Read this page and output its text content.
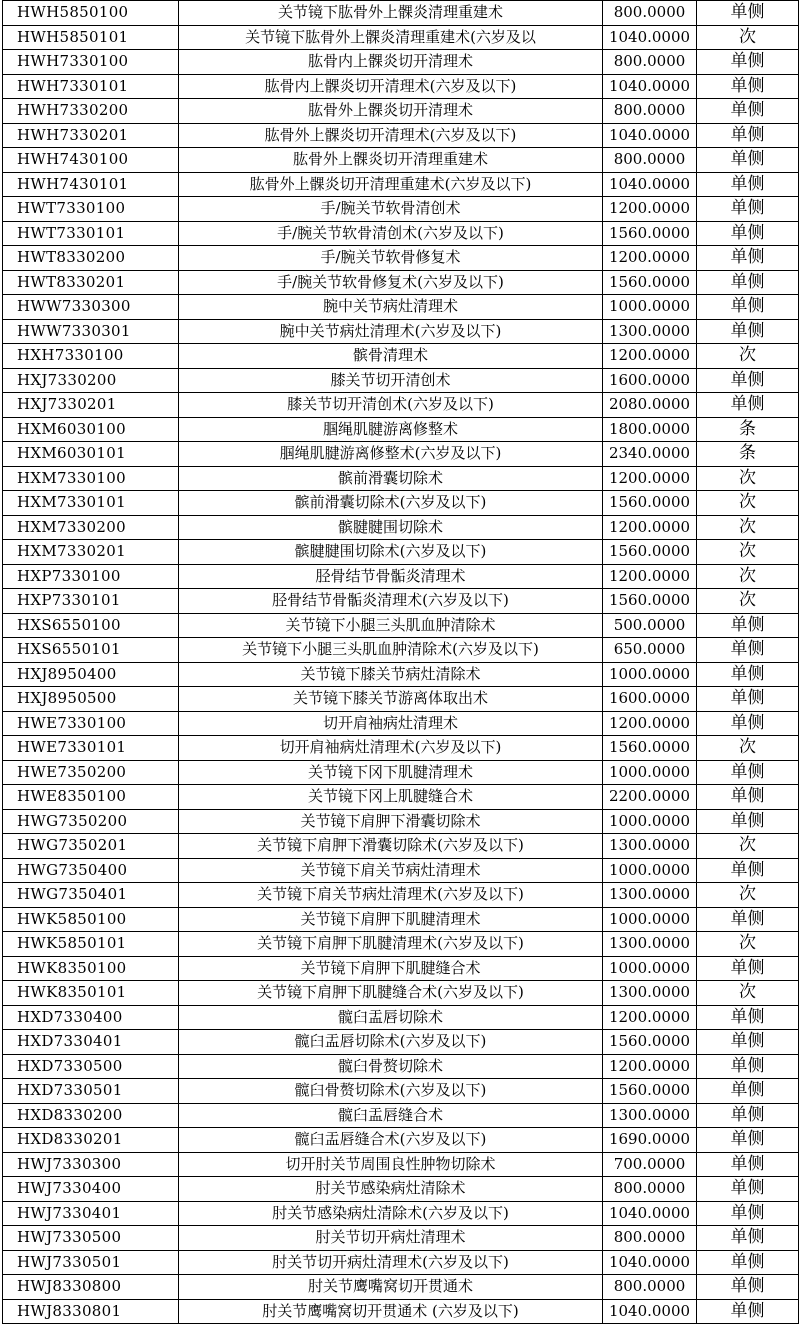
HWH5850100	关节镜下肱骨外上髁炎清理重建术	800.0000	单侧
HWH5850101	关节镜下肱骨外上髁炎清理重建术(六岁及以	1040.0000	次
HWH7330100	肱骨内上髁炎切开清理术	800.0000	单侧
HWH7330101	肱骨内上髁炎切开清理术(六岁及以下)	1040.0000	单侧
HWH7330200	肱骨外上髁炎切开清理术	800.0000	单侧
HWH7330201	肱骨外上髁炎切开清理术(六岁及以下)	1040.0000	单侧
HWH7430100	肱骨外上髁炎切开清理重建术	800.0000	单侧
HWH7430101	肱骨外上髁炎切开清理重建术(六岁及以下)	1040.0000	单侧
HWT7330100	手/腕关节软骨清创术	1200.0000	单侧
HWT7330101	手/腕关节软骨清创术(六岁及以下)	1560.0000	单侧
HWT8330200	手/腕关节软骨修复术	1200.0000	单侧
HWT8330201	手/腕关节软骨修复术(六岁及以下)	1560.0000	单侧
HWW7330300	腕中关节病灶清理术	1000.0000	单侧
HWW7330301	腕中关节病灶清理术(六岁及以下)	1300.0000	单侧
HXH7330100	髌骨清理术	1200.0000	次
HXJ7330200	膝关节切开清创术	1600.0000	单侧
HXJ7330201	膝关节切开清创术(六岁及以下)	2080.0000	单侧
HXM6030100	腘绳肌腱游离修整术	1800.0000	条
HXM6030101	腘绳肌腱游离修整术(六岁及以下)	2340.0000	条
HXM7330100	髌前滑囊切除术	1200.0000	次
HXM7330101	髌前滑囊切除术(六岁及以下)	1560.0000	次
HXM7330200	髌腱腱围切除术	1200.0000	次
HXM7330201	髌腱腱围切除术(六岁及以下)	1560.0000	次
HXP7330100	胫骨结节骨骺炎清理术	1200.0000	次
HXP7330101	胫骨结节骨骺炎清理术(六岁及以下)	1560.0000	次
HXS6550100	关节镜下小腿三头肌血肿清除术	500.0000	单侧
HXS6550101	关节镜下小腿三头肌血肿清除术(六岁及以下)	650.0000	单侧
HXJ8950400	关节镜下膝关节病灶清除术	1000.0000	单侧
HXJ8950500	关节镜下膝关节游离体取出术	1600.0000	单侧
HWE7330100	切开肩袖病灶清理术	1200.0000	单侧
HWE7330101	切开肩袖病灶清理术(六岁及以下)	1560.0000	次
HWE7350200	关节镜下冈下肌腱清理术	1000.0000	单侧
HWE8350100	关节镜下冈上肌腱缝合术	2200.0000	单侧
HWG7350200	关节镜下肩胛下滑囊切除术	1000.0000	单侧
HWG7350201	关节镜下肩胛下滑囊切除术(六岁及以下)	1300.0000	次
HWG7350400	关节镜下肩关节病灶清理术	1000.0000	单侧
HWG7350401	关节镜下肩关节病灶清理术(六岁及以下)	1300.0000	次
HWK5850100	关节镜下肩胛下肌腱清理术	1000.0000	单侧
HWK5850101	关节镜下肩胛下肌腱清理术(六岁及以下)	1300.0000	次
HWK8350100	关节镜下肩胛下肌腱缝合术	1000.0000	单侧
HWK8350101	关节镜下肩胛下肌腱缝合术(六岁及以下)	1300.0000	次
HXD7330400	髋臼盂唇切除术	1200.0000	单侧
HXD7330401	髋臼盂唇切除术(六岁及以下)	1560.0000	单侧
HXD7330500	髋臼骨赘切除术	1200.0000	单侧
HXD7330501	髋臼骨赘切除术(六岁及以下)	1560.0000	单侧
HXD8330200	髋臼盂唇缝合术	1300.0000	单侧
HXD8330201	髋臼盂唇缝合术(六岁及以下)	1690.0000	单侧
HWJ7330300	切开肘关节周围良性肿物切除术	700.0000	单侧
HWJ7330400	肘关节感染病灶清除术	800.0000	单侧
HWJ7330401	肘关节感染病灶清除术(六岁及以下)	1040.0000	单侧
HWJ7330500	肘关节切开病灶清理术	800.0000	单侧
HWJ7330501	肘关节切开病灶清理术(六岁及以下)	1040.0000	单侧
HWJ8330800	肘关节鹰嘴窝切开贯通术	800.0000	单侧
HWJ8330801	肘关节鹰嘴窝切开贯通术 (六岁及以下)	1040.0000	单侧
